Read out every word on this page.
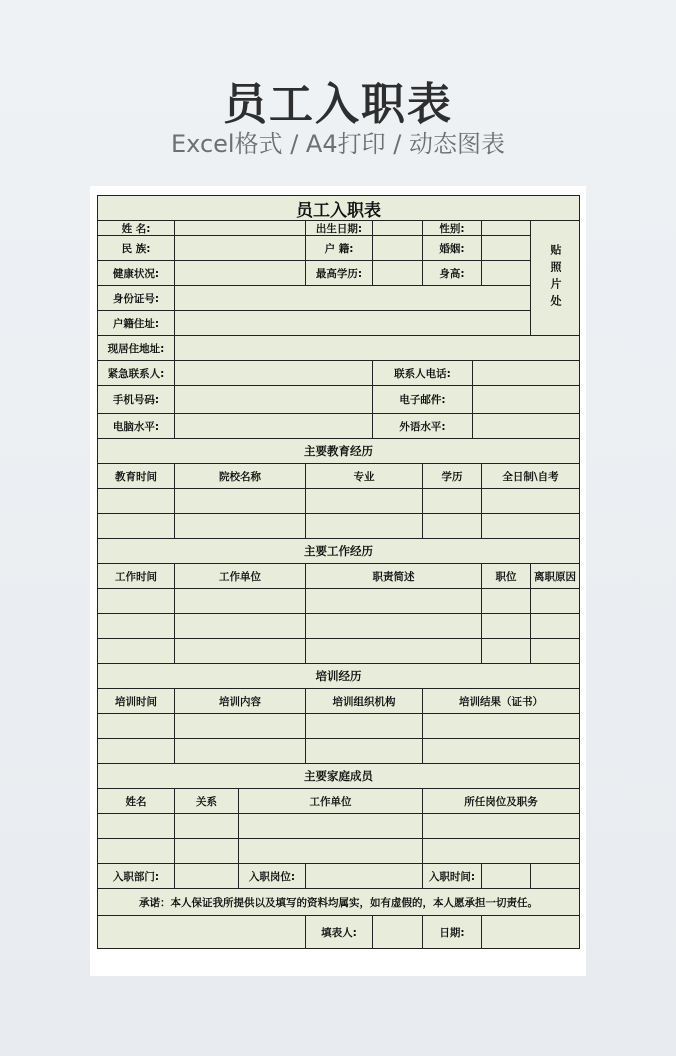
员工入职表
Excel格式 / A4打印 / 动态图表
员工入职表
姓 名:	出生日期:	性别:
贴照片处
民 族:	户 籍:	婚姻:
健康状况:	最高学历:	身高:
身份证号:
户籍住址:
现居住地址:
紧急联系人:	联系人电话:
手机号码:	电子邮件:
电脑水平:	外语水平:
主要教育经历
教育时间	院校名称	专业	学历	全日制\自考
主要工作经历
工作时间	工作单位	职责简述	职位	离职原因
培训经历
培训时间	培训内容	培训组织机构	培训结果（证书）
主要家庭成员
姓名	关系	工作单位	所任岗位及职务
入职部门:	入职岗位:	入职时间:
承诺：本人保证我所提供以及填写的资料均属实，如有虚假的，本人愿承担一切责任。
填表人:	日期:
